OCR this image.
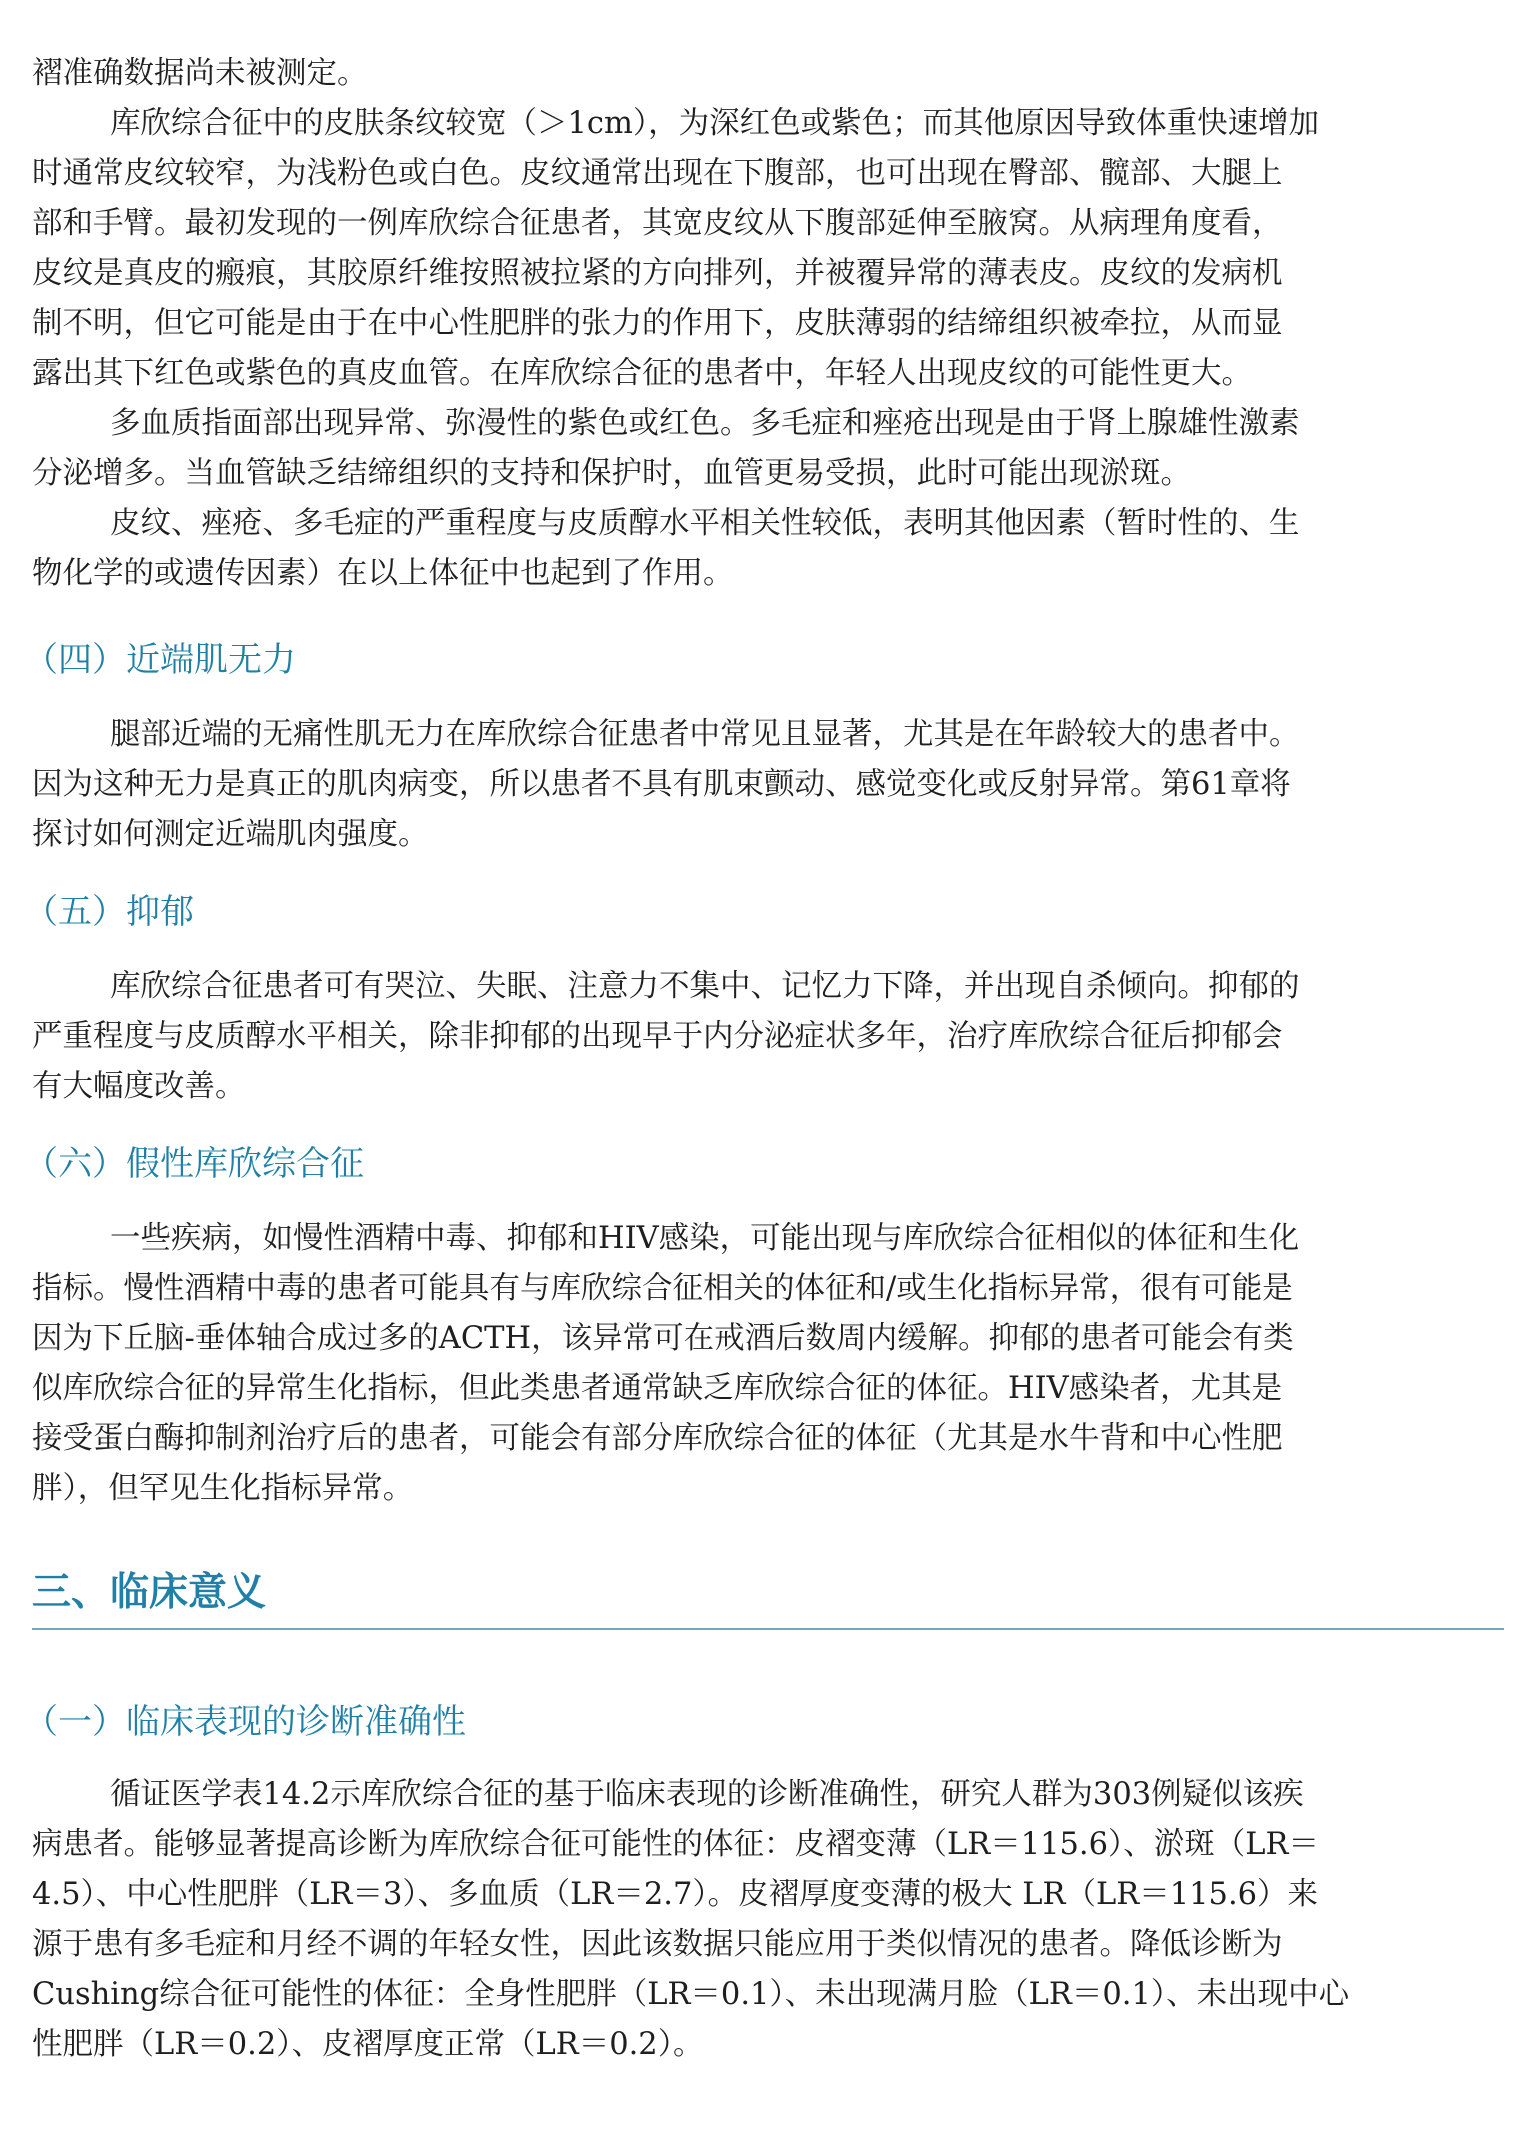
褶准确数据尚未被测定。
库欣综合征中的皮肤条纹较宽（＞1cm），为深红色或紫色；而其他原因导致体重快速增加
时通常皮纹较窄，为浅粉色或白色。皮纹通常出现在下腹部，也可出现在臀部、髋部、大腿上
部和手臂。最初发现的一例库欣综合征患者，其宽皮纹从下腹部延伸至腋窝。从病理角度看，
皮纹是真皮的瘢痕，其胶原纤维按照被拉紧的方向排列，并被覆异常的薄表皮。皮纹的发病机
制不明，但它可能是由于在中心性肥胖的张力的作用下，皮肤薄弱的结缔组织被牵拉，从而显
露出其下红色或紫色的真皮血管。在库欣综合征的患者中，年轻人出现皮纹的可能性更大。
多血质指面部出现异常、弥漫性的紫色或红色。多毛症和痤疮出现是由于肾上腺雄性激素
分泌增多。当血管缺乏结缔组织的支持和保护时，血管更易受损，此时可能出现淤斑。
皮纹、痤疮、多毛症的严重程度与皮质醇水平相关性较低，表明其他因素（暂时性的、生
物化学的或遗传因素）在以上体征中也起到了作用。
（四）近端肌无力
腿部近端的无痛性肌无力在库欣综合征患者中常见且显著，尤其是在年龄较大的患者中。
因为这种无力是真正的肌肉病变，所以患者不具有肌束颤动、感觉变化或反射异常。第61章将
探讨如何测定近端肌肉强度。
（五）抑郁
库欣综合征患者可有哭泣、失眠、注意力不集中、记忆力下降，并出现自杀倾向。抑郁的
严重程度与皮质醇水平相关，除非抑郁的出现早于内分泌症状多年，治疗库欣综合征后抑郁会
有大幅度改善。
（六）假性库欣综合征
一些疾病，如慢性酒精中毒、抑郁和HIV感染，可能出现与库欣综合征相似的体征和生化
指标。慢性酒精中毒的患者可能具有与库欣综合征相关的体征和/或生化指标异常，很有可能是
因为下丘脑-垂体轴合成过多的ACTH，该异常可在戒酒后数周内缓解。抑郁的患者可能会有类
似库欣综合征的异常生化指标，但此类患者通常缺乏库欣综合征的体征。HIV感染者，尤其是
接受蛋白酶抑制剂治疗后的患者，可能会有部分库欣综合征的体征（尤其是水牛背和中心性肥
胖），但罕见生化指标异常。
三、临床意义
（一）临床表现的诊断准确性
循证医学表14.2示库欣综合征的基于临床表现的诊断准确性，研究人群为303例疑似该疾
病患者。能够显著提高诊断为库欣综合征可能性的体征：皮褶变薄（LR＝115.6）、淤斑（LR＝
4.5）、中心性肥胖（LR＝3）、多血质（LR＝2.7）。皮褶厚度变薄的极大 LR（LR＝115.6）来
源于患有多毛症和月经不调的年轻女性，因此该数据只能应用于类似情况的患者。降低诊断为
Cushing综合征可能性的体征：全身性肥胖（LR＝0.1）、未出现满月脸（LR＝0.1）、未出现中心
性肥胖（LR＝0.2）、皮褶厚度正常（LR＝0.2）。
